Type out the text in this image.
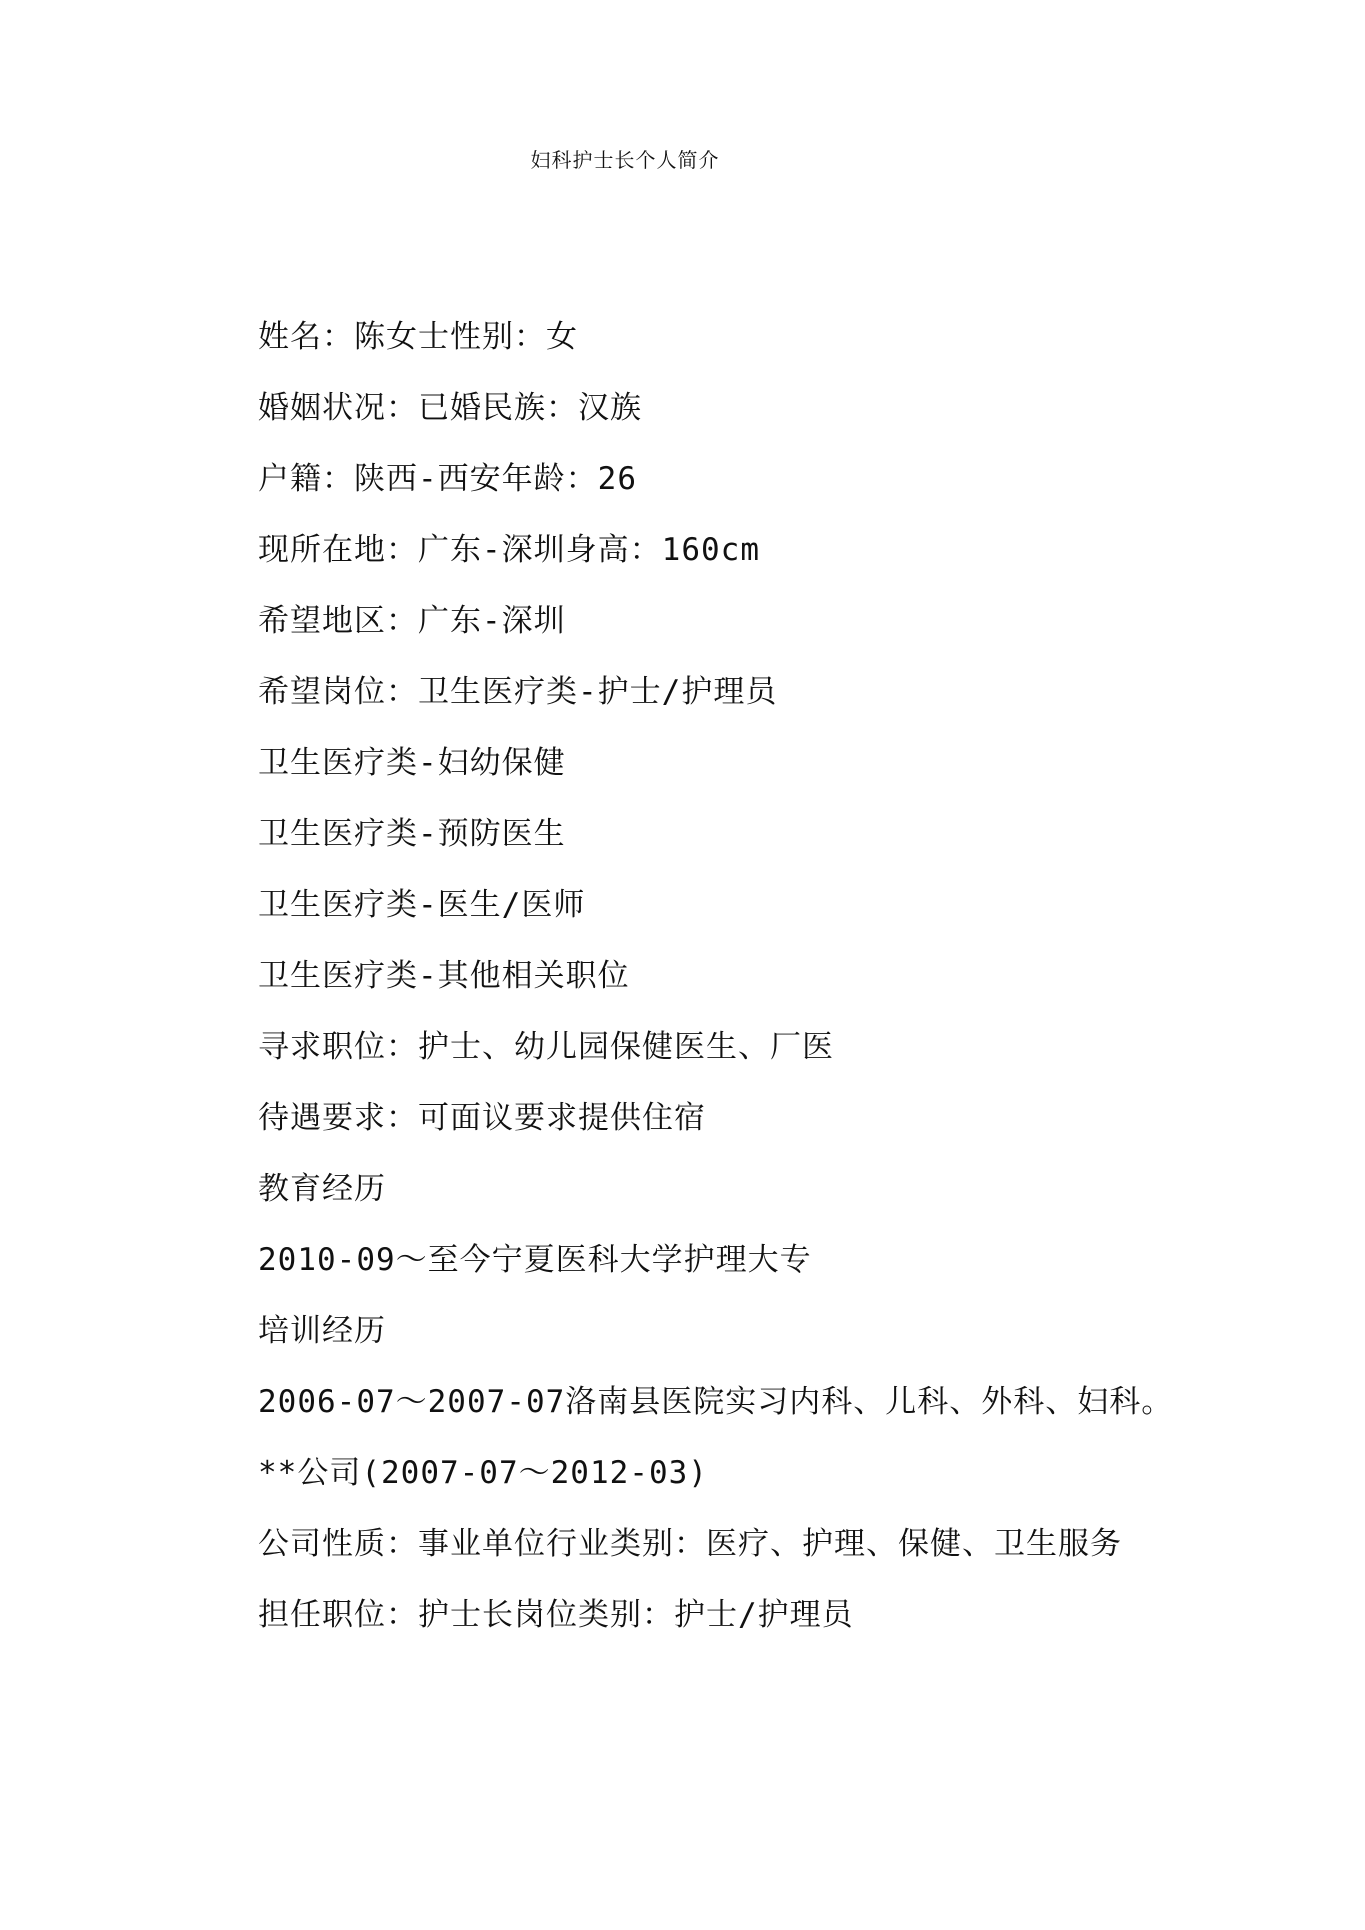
妇科护士长个人简介
姓名：陈女士性别：女
婚姻状况：已婚民族：汉族
户籍：陕西-西安年龄：26
现所在地：广东-深圳身高：160cm
希望地区：广东-深圳
希望岗位：卫生医疗类-护士/护理员
卫生医疗类-妇幼保健
卫生医疗类-预防医生
卫生医疗类-医生/医师
卫生医疗类-其他相关职位
寻求职位：护士、幼儿园保健医生、厂医
待遇要求：可面议要求提供住宿
教育经历
2010-09～至今宁夏医科大学护理大专
培训经历
2006-07～2007-07洛南县医院实习内科、儿科、外科、妇科。
**公司(2007-07～2012-03)
公司性质：事业单位行业类别：医疗、护理、保健、卫生服务
担任职位：护士长岗位类别：护士/护理员
